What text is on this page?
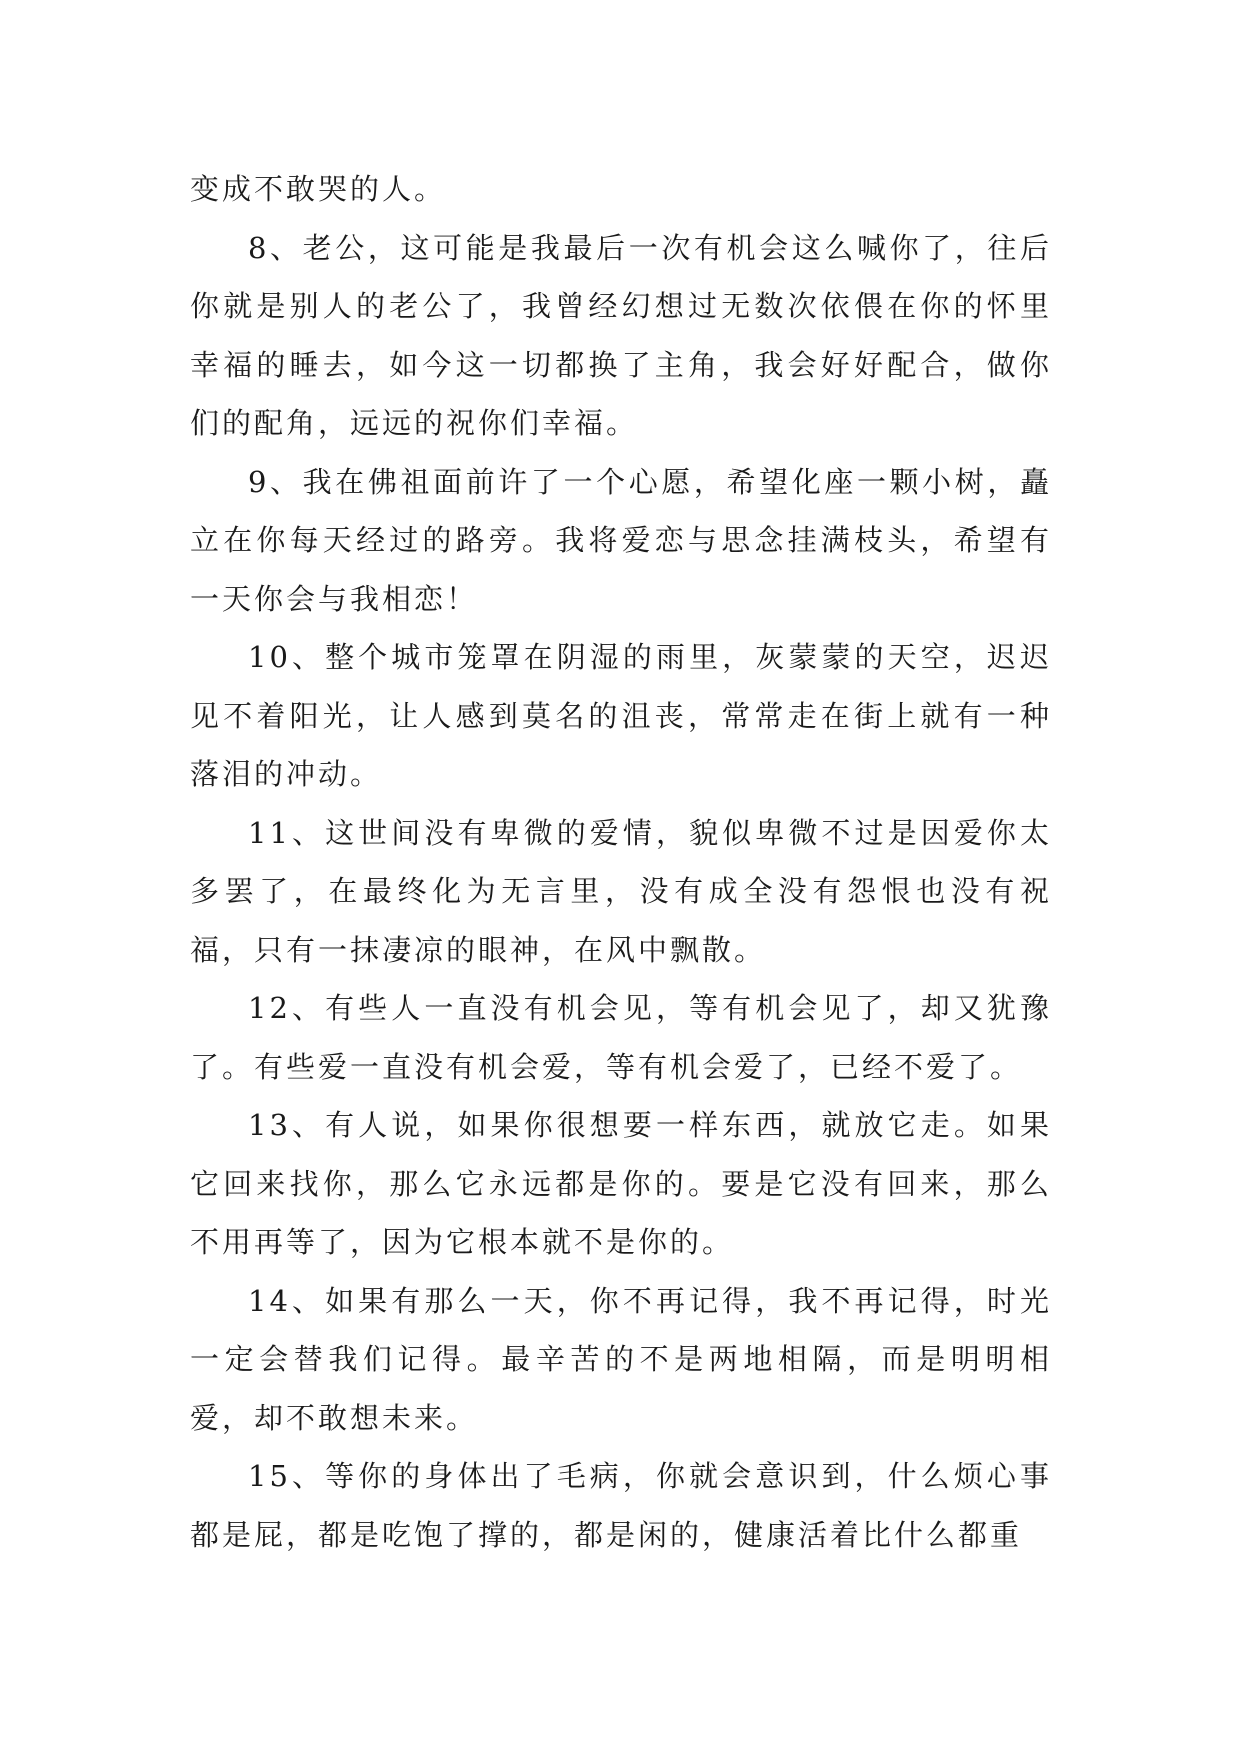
变成不敢哭的人。

8、老公，这可能是我最后一次有机会这么喊你了，往后你就是别人的老公了，我曾经幻想过无数次依偎在你的怀里幸福的睡去，如今这一切都换了主角，我会好好配合，做你们的配角，远远的祝你们幸福。

9、我在佛祖面前许了一个心愿，希望化座一颗小树，矗立在你每天经过的路旁。我将爱恋与思念挂满枝头，希望有一天你会与我相恋！

10、整个城市笼罩在阴湿的雨里，灰蒙蒙的天空，迟迟见不着阳光，让人感到莫名的沮丧，常常走在街上就有一种落泪的冲动。

11、这世间没有卑微的爱情，貌似卑微不过是因爱你太多罢了，在最终化为无言里，没有成全没有怨恨也没有祝福，只有一抹凄凉的眼神，在风中飘散。

12、有些人一直没有机会见，等有机会见了，却又犹豫了。有些爱一直没有机会爱，等有机会爱了，已经不爱了。

13、有人说，如果你很想要一样东西，就放它走。如果它回来找你，那么它永远都是你的。要是它没有回来，那么不用再等了，因为它根本就不是你的。

14、如果有那么一天，你不再记得，我不再记得，时光一定会替我们记得。最辛苦的不是两地相隔，而是明明相爱，却不敢想未来。

15、等你的身体出了毛病，你就会意识到，什么烦心事都是屁，都是吃饱了撑的，都是闲的，健康活着比什么都重
